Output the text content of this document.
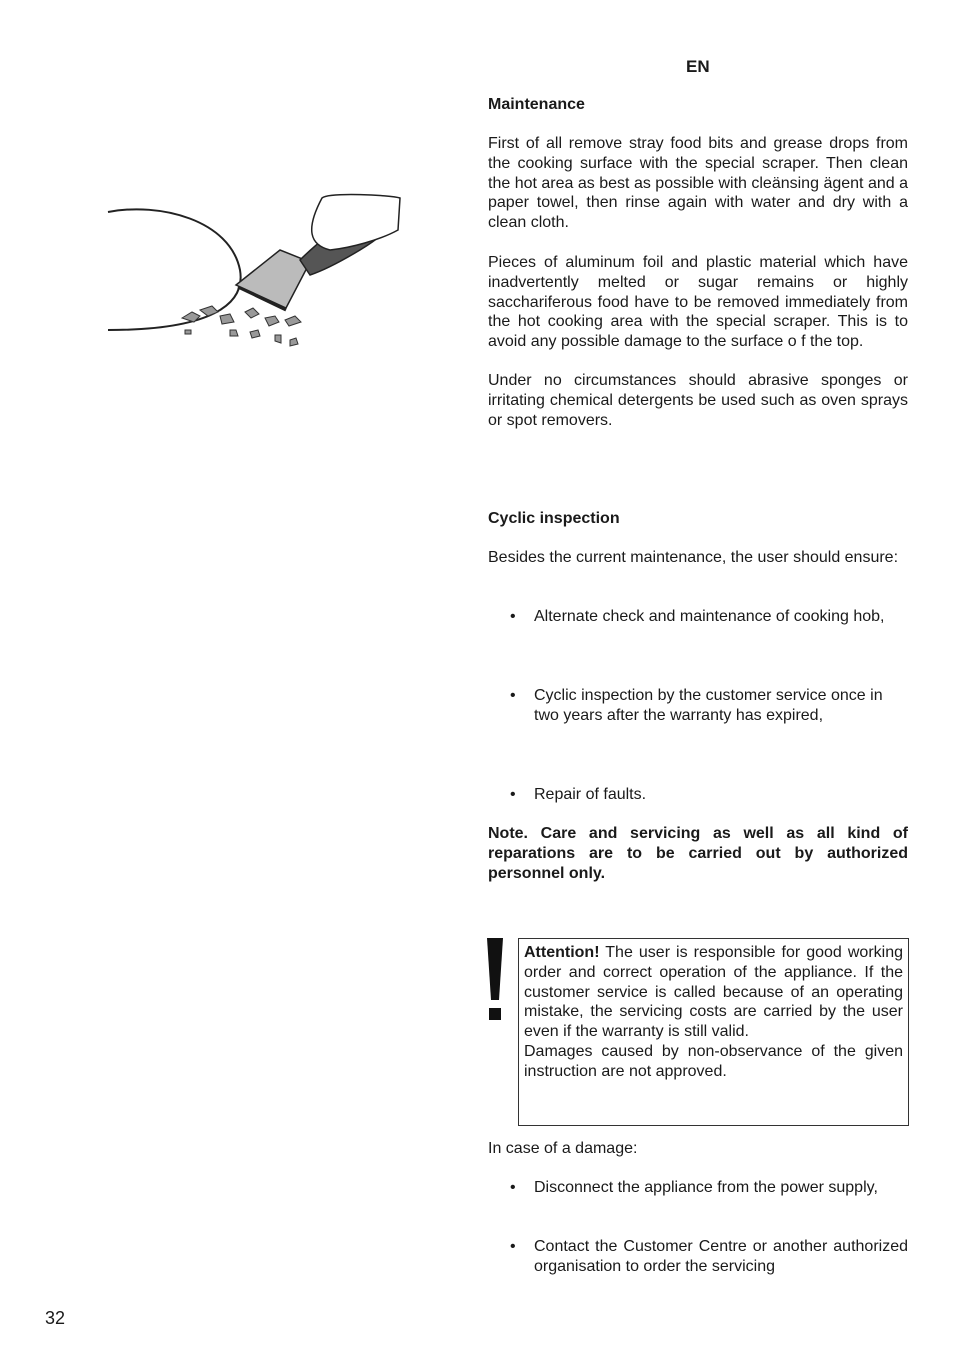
EN
Maintenance
First of all remove stray food bits and grease drops from the cooking surface with the special scraper. Then clean the hot area as best as possible with cleänsing ägent and a paper towel, then rinse again with water and dry with a clean cloth.
Pieces of aluminum foil and plastic material which have inadvertently melted or sugar remains or highly sacchariferous food have to be removed immediately from the hot cooking area with the special scraper. This is to avoid any possible damage to the surface o f the top.
Under no circumstances should abrasive sponges or irritating chemical detergents be used such as oven sprays or spot removers.
Cyclic inspection
Besides the current maintenance, the user should ensure:
• Alternate check and maintenance of cooking hob,
• Cyclic inspection by the customer service once in two years after the warranty has expired,
• Repair of faults.
Note. Care and servicing as well as all kind of reparations are to be carried out by authorized personnel only.
Attention! The user is responsible for good working order and correct operation of the appliance. If the customer service is called because of an operating mistake, the servicing costs are carried by the user even if the warranty is still valid.
Damages caused by non-observance of the given instruction are not approved.
In case of a damage:
• Disconnect the appliance from the power supply,
• Contact the Customer Centre or another authorized organisation to order the servicing
32
